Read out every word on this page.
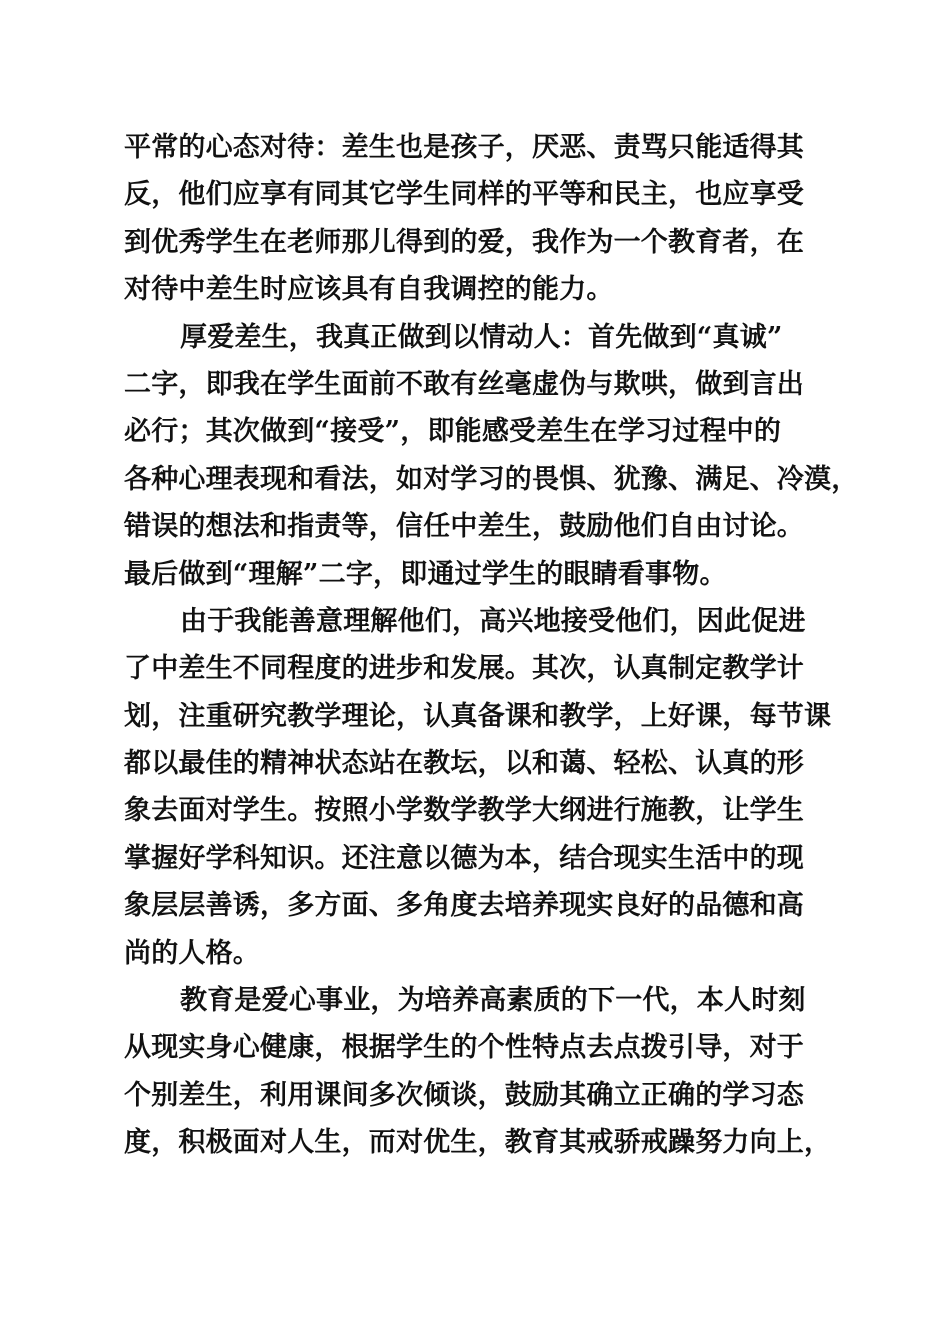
平常的心态对待：差生也是孩子，厌恶、责骂只能适得其
反，他们应享有同其它学生同样的平等和民主，也应享受
到优秀学生在老师那儿得到的爱，我作为一个教育者，在
对待中差生时应该具有自我调控的能力。
厚爱差生，我真正做到以情动人：首先做到“真诚”
二字，即我在学生面前不敢有丝毫虚伪与欺哄，做到言出
必行；其次做到“接受”，即能感受差生在学习过程中的
各种心理表现和看法，如对学习的畏惧、犹豫、满足、冷漠，
错误的想法和指责等，信任中差生，鼓励他们自由讨论。
最后做到“理解”二字，即通过学生的眼睛看事物。
由于我能善意理解他们，高兴地接受他们，因此促进
了中差生不同程度的进步和发展。其次，认真制定教学计
划，注重研究教学理论，认真备课和教学，上好课，每节课
都以最佳的精神状态站在教坛，以和蔼、轻松、认真的形
象去面对学生。按照小学数学教学大纲进行施教，让学生
掌握好学科知识。还注意以德为本，结合现实生活中的现
象层层善诱，多方面、多角度去培养现实良好的品德和高
尚的人格。
教育是爱心事业，为培养高素质的下一代，本人时刻
从现实身心健康，根据学生的个性特点去点拨引导，对于
个别差生，利用课间多次倾谈，鼓励其确立正确的学习态
度，积极面对人生，而对优生，教育其戒骄戒躁努力向上，
